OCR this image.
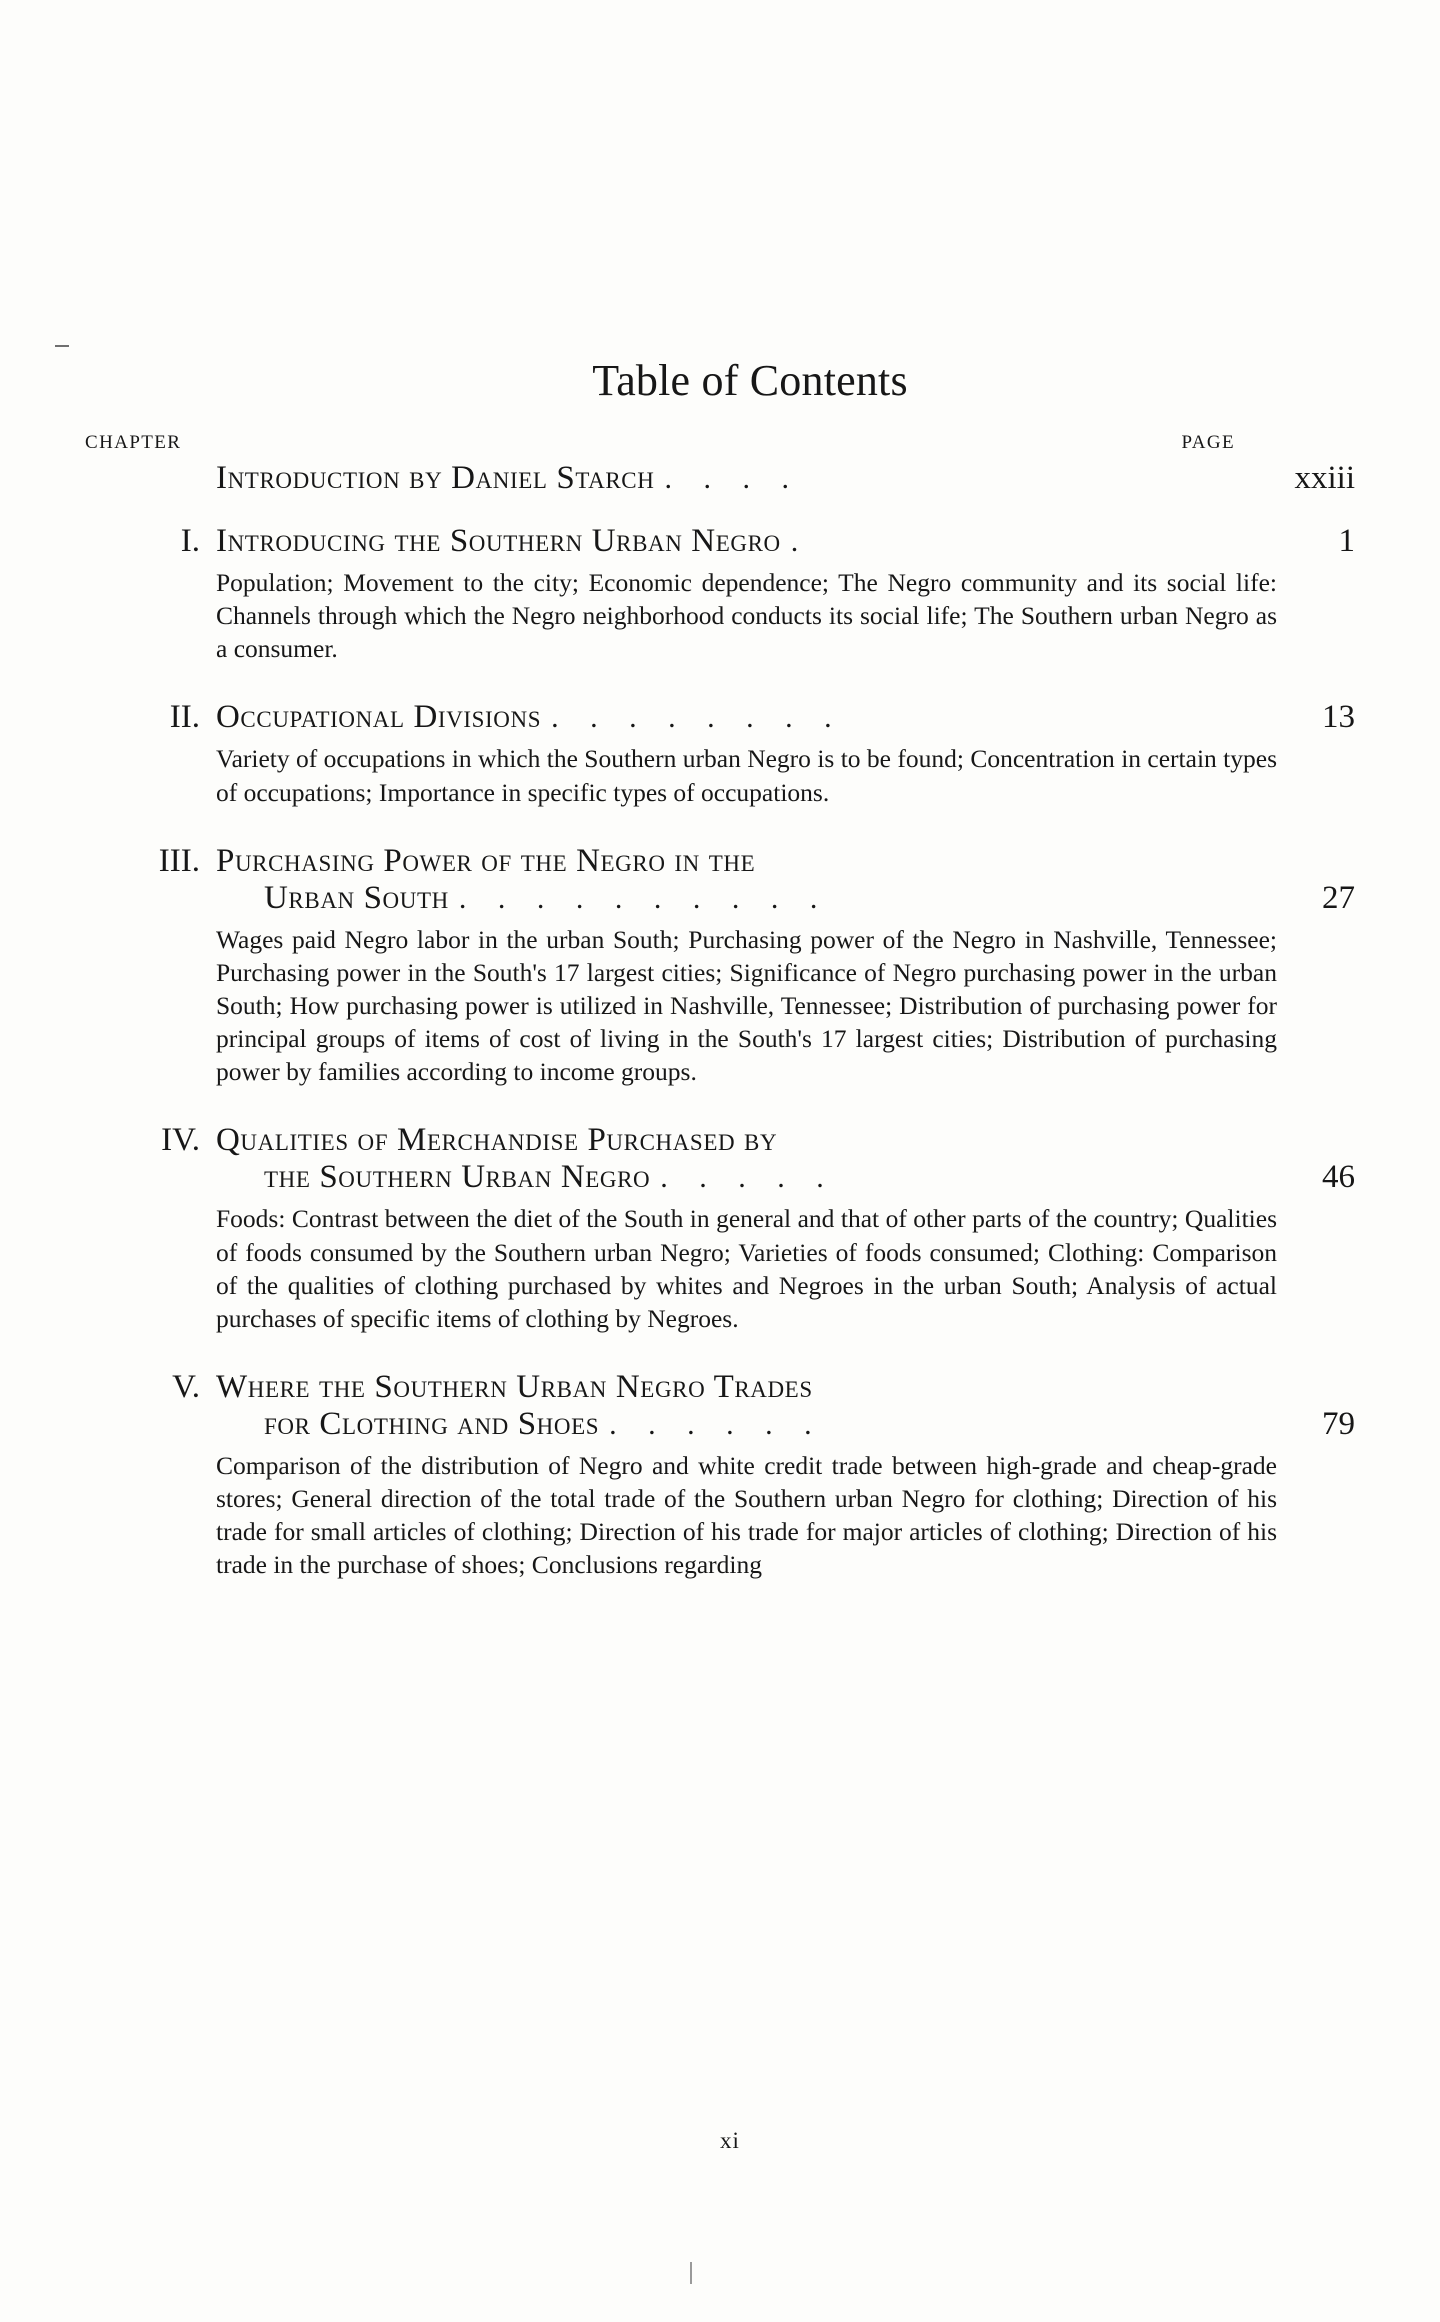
Table of Contents
CHAPTER	PAGE
Introduction by Daniel Starch . . . .	xxiii
I. Introducing the Southern Urban Negro .	1

Population; Movement to the city; Economic dependence; The Negro community and its social life: Channels through which the Negro neighborhood conducts its social life; The Southern urban Negro as a consumer.

II. Occupational Divisions . . . . . . . .	13

Variety of occupations in which the Southern urban Negro is to be found; Concentration in certain types of occupations; Importance in specific types of occupations.

III. Purchasing Power of the Negro in the
Urban South . . . . . . . . . .	27

Wages paid Negro labor in the urban South; Purchasing power of the Negro in Nashville, Tennessee; Purchasing power in the South's 17 largest cities; Significance of Negro purchasing power in the urban South; How purchasing power is utilized in Nashville, Tennessee; Distribution of purchasing power for principal groups of items of cost of living in the South's 17 largest cities; Distribution of purchasing power by families according to income groups.

IV. Qualities of Merchandise Purchased by
the Southern Urban Negro . . . . .	46

Foods: Contrast between the diet of the South in general and that of other parts of the country; Qualities of foods consumed by the Southern urban Negro; Varieties of foods consumed; Clothing: Comparison of the qualities of clothing purchased by whites and Negroes in the urban South; Analysis of actual purchases of specific items of clothing by Negroes.

V. Where the Southern Urban Negro Trades
for Clothing and Shoes . . . . . .	79

Comparison of the distribution of Negro and white credit trade between high-grade and cheap-grade stores; General direction of the total trade of the Southern urban Negro for clothing; Direction of his trade for small articles of clothing; Direction of his trade for major articles of clothing; Direction of his trade in the purchase of shoes; Conclusions regarding

xi
